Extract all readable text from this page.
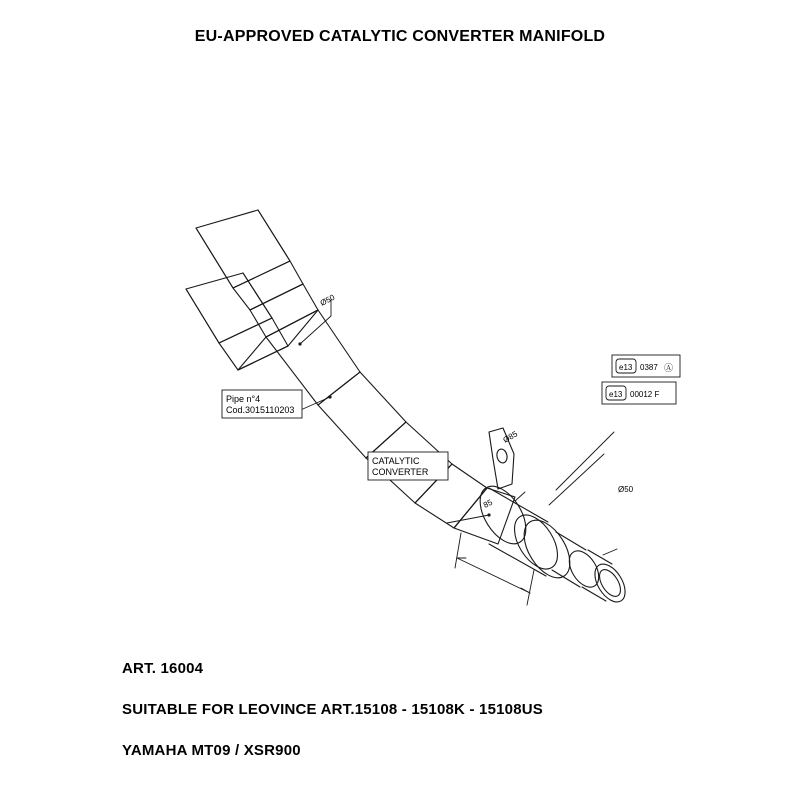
EU-APPROVED CATALYTIC CONVERTER MANIFOLD
Pipe n°4
Cod.3015110203
CATALYTIC
CONVERTER
Ø50
Ø85
Ø50
85
e13 0387 Ⓐ
e13 00012 F
ART. 16004
SUITABLE FOR LEOVINCE ART.15108 - 15108K - 15108US
YAMAHA MT09 / XSR900
